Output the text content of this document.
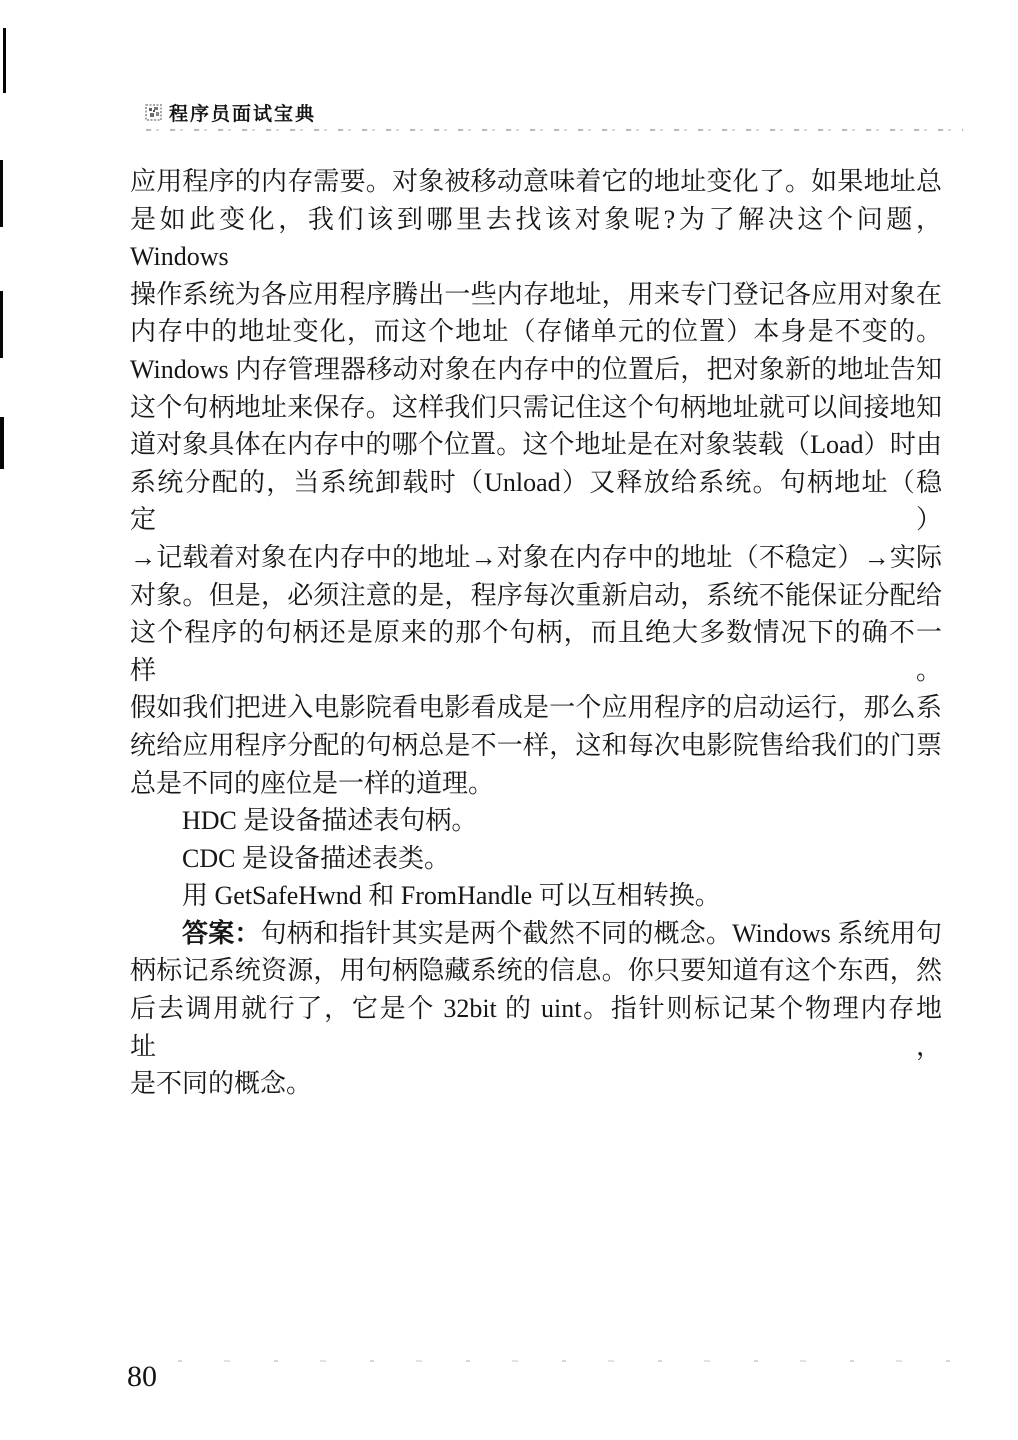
程序员面试宝典
应用程序的内存需要。对象被移动意味着它的地址变化了。如果地址总
是如此变化，我们该到哪里去找该对象呢?为了解决这个问题，Windows
操作系统为各应用程序腾出一些内存地址，用来专门登记各应用对象在
内存中的地址变化，而这个地址（存储单元的位置）本身是不变的。
Windows 内存管理器移动对象在内存中的位置后，把对象新的地址告知
这个句柄地址来保存。这样我们只需记住这个句柄地址就可以间接地知
道对象具体在内存中的哪个位置。这个地址是在对象装载（Load）时由
系统分配的，当系统卸载时（Unload）又释放给系统。句柄地址（稳定）
→记载着对象在内存中的地址→对象在内存中的地址（不稳定）→实际
对象。但是，必须注意的是，程序每次重新启动，系统不能保证分配给
这个程序的句柄还是原来的那个句柄，而且绝大多数情况下的确不一样。
假如我们把进入电影院看电影看成是一个应用程序的启动运行，那么系
统给应用程序分配的句柄总是不一样，这和每次电影院售给我们的门票
总是不同的座位是一样的道理。
HDC 是设备描述表句柄。
CDC 是设备描述表类。
用 GetSafeHwnd 和 FromHandle 可以互相转换。
答案：句柄和指针其实是两个截然不同的概念。Windows 系统用句
柄标记系统资源，用句柄隐藏系统的信息。你只要知道有这个东西，然
后去调用就行了，它是个 32bit 的 uint。指针则标记某个物理内存地址，
是不同的概念。
80
